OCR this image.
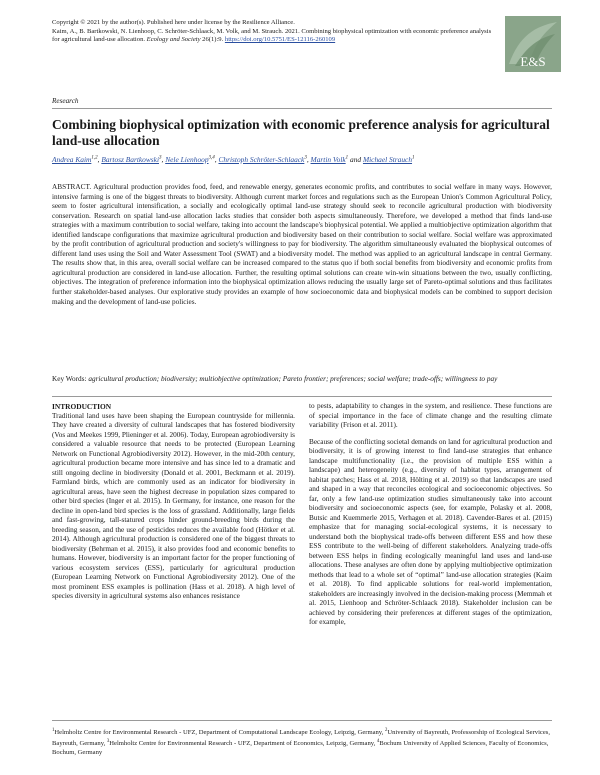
Copyright © 2021 by the author(s). Published here under license by the Resilience Alliance.
Kaim, A., B. Bartkowski, N. Lienhoop, C. Schröter-Schlaack, M. Volk, and M. Strauch. 2021. Combining biophysical optimization with economic preference analysis for agricultural land-use allocation. Ecology and Society 26(1):9. https://doi.org/10.5751/ES-12116-260109
E&S
Research
Combining biophysical optimization with economic preference analysis for agricultural land-use allocation
Andrea Kaim$^{1,2}$, Bartosz Bartkowski$^3$, Nele Lienhoop$^{3,4}$, Christoph Schröter-Schlaack$^3$, Martin Volk$^1$ and Michael Strauch$^1$

ABSTRACT. Agricultural production provides food, feed, and renewable energy, generates economic profits, and contributes to social welfare in many ways. However, intensive farming is one of the biggest threats to biodiversity. Although current market forces and regulations such as the European Union's Common Agricultural Policy, seem to foster agricultural intensification, a socially and ecologically optimal land-use strategy should seek to reconcile agricultural production with biodiversity conservation. Research on spatial land-use allocation lacks studies that consider both aspects simultaneously. Therefore, we developed a method that finds land-use strategies with a maximum contribution to social welfare, taking into account the landscape's biophysical potential. We applied a multiobjective optimization algorithm that identified landscape configurations that maximize agricultural production and biodiversity based on their contribution to social welfare. Social welfare was approximated by the profit contribution of agricultural production and society's willingness to pay for biodiversity. The algorithm simultaneously evaluated the biophysical outcomes of different land uses using the Soil and Water Assessment Tool (SWAT) and a biodiversity model. The method was applied to an agricultural landscape in central Germany. The results show that, in this area, overall social welfare can be increased compared to the status quo if both social benefits from biodiversity and economic profits from agricultural production are considered in land-use allocation. Further, the resulting optimal solutions can create win-win situations between the two, usually conflicting, objectives. The integration of preference information into the biophysical optimization allows reducing the usually large set of Pareto-optimal solutions and thus facilitates further stakeholder-based analyses. Our explorative study provides an example of how socioeconomic data and biophysical models can be combined to support decision making and the development of land-use policies.

Key Words: agricultural production; biodiversity; multiobjective optimization; Pareto frontier; preferences; social welfare; trade-offs; willingness to pay

INTRODUCTION

Traditional land uses have been shaping the European countryside for millennia. They have created a diversity of cultural landscapes that has fostered biodiversity (Vos and Meekes 1999, Plieninger et al. 2006). Today, European agrobiodiversity is considered a valuable resource that needs to be protected (European Learning Network on Functional Agrobiodiversity 2012). However, in the mid-20th century, agricultural production became more intensive and has since led to a dramatic and still ongoing decline in biodiversity (Donald et al. 2001, Beckmann et al. 2019). Farmland birds, which are commonly used as an indicator for biodiversity in agricultural areas, have seen the highest decrease in population sizes compared to other bird species (Inger et al. 2015). In Germany, for instance, one reason for the decline in open-land bird species is the loss of grassland. Additionally, large fields and fast-growing, tall-statured crops hinder ground-breeding birds during the breeding season, and the use of pesticides reduces the available food (Hötker et al. 2014). Although agricultural production is considered one of the biggest threats to biodiversity (Behrman et al. 2015), it also provides food and economic benefits to humans. However, biodiversity is an important factor for the proper functioning of various ecosystem services (ESS), particularly for agricultural production (European Learning Network on Functional Agrobiodiversity 2012). One of the most prominent ESS examples is pollination (Hass et al. 2018). A high level of species diversity in agricultural systems also enhances resistance

to pests, adaptability to changes in the system, and resilience. These functions are of special importance in the face of climate change and the resulting climate variability (Frison et al. 2011).

Because of the conflicting societal demands on land for agricultural production and biodiversity, it is of growing interest to find land-use strategies that enhance landscape multifunctionality (i.e., the provision of multiple ESS within a landscape) and heterogeneity (e.g., diversity of habitat types, arrangement of habitat patches; Hass et al. 2018, Hölting et al. 2019) so that landscapes are used and shaped in a way that reconciles ecological and socioeconomic objectives. So far, only a few land-use optimization studies simultaneously take into account biodiversity and socioeconomic aspects (see, for example, Polasky et al. 2008, Butsic and Kuemmerle 2015, Verhagen et al. 2018). Cavender-Bares et al. (2015) emphasize that for managing social-ecological systems, it is necessary to understand both the biophysical trade-offs between different ESS and how these ESS contribute to the well-being of different stakeholders. Analyzing trade-offs between ESS helps in finding ecologically meaningful land uses and land-use allocations. These analyses are often done by applying multiobjective optimization methods that lead to a whole set of “optimal” land-use allocation strategies (Kaim et al. 2018). To find applicable solutions for real-world implementation, stakeholders are increasingly involved in the decision-making process (Memmah et al. 2015, Lienhoop and Schröter-Schlaack 2018). Stakeholder inclusion can be achieved by considering their preferences at different stages of the optimization, for example,

$^1$Helmholtz Centre for Environmental Research - UFZ, Department of Computational Landscape Ecology, Leipzig, Germany, $^2$University of Bayreuth, Professorship of Ecological Services, Bayreuth, Germany, $^3$Helmholtz Centre for Environmental Research - UFZ, Department of Economics, Leipzig, Germany, $^4$Bochum University of Applied Sciences, Faculty of Economics, Bochum, Germany
